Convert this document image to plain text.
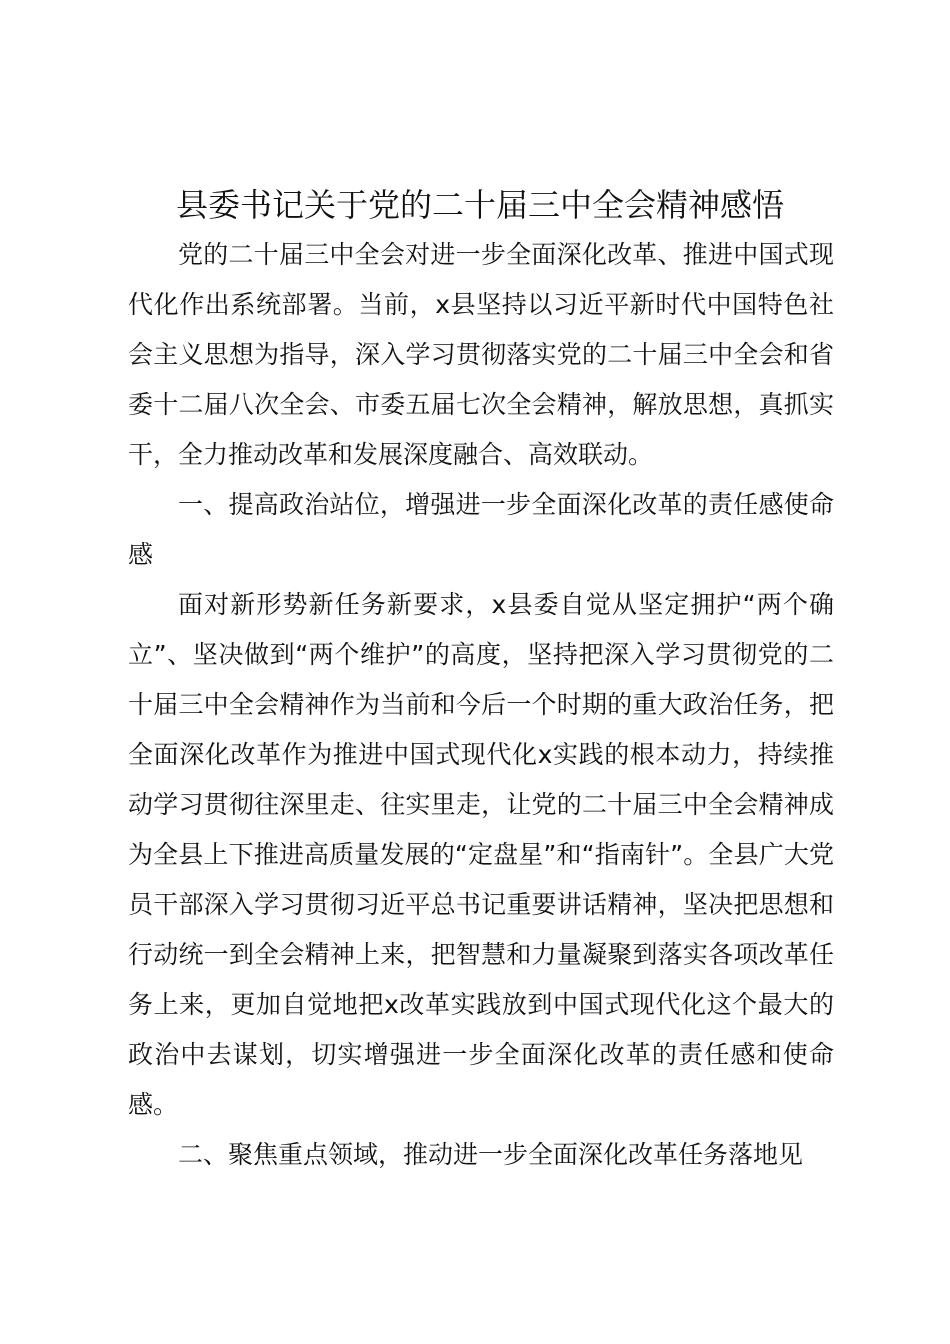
县委书记关于党的二十届三中全会精神感悟

党的二十届三中全会对进一步全面深化改革、推进中国式现代化作出系统部署。当前，x县坚持以习近平新时代中国特色社会主义思想为指导，深入学习贯彻落实党的二十届三中全会和省委十二届八次全会、市委五届七次全会精神，解放思想，真抓实干，全力推动改革和发展深度融合、高效联动。

一、提高政治站位，增强进一步全面深化改革的责任感使命感

面对新形势新任务新要求，x县委自觉从坚定拥护“两个确立”、坚决做到“两个维护”的高度，坚持把深入学习贯彻党的二十届三中全会精神作为当前和今后一个时期的重大政治任务，把全面深化改革作为推进中国式现代化x实践的根本动力，持续推动学习贯彻往深里走、往实里走，让党的二十届三中全会精神成为全县上下推进高质量发展的“定盘星”和“指南针”。全县广大党员干部深入学习贯彻习近平总书记重要讲话精神，坚决把思想和行动统一到全会精神上来，把智慧和力量凝聚到落实各项改革任务上来，更加自觉地把x改革实践放到中国式现代化这个最大的政治中去谋划，切实增强进一步全面深化改革的责任感和使命感。

二、聚焦重点领域，推动进一步全面深化改革任务落地见
